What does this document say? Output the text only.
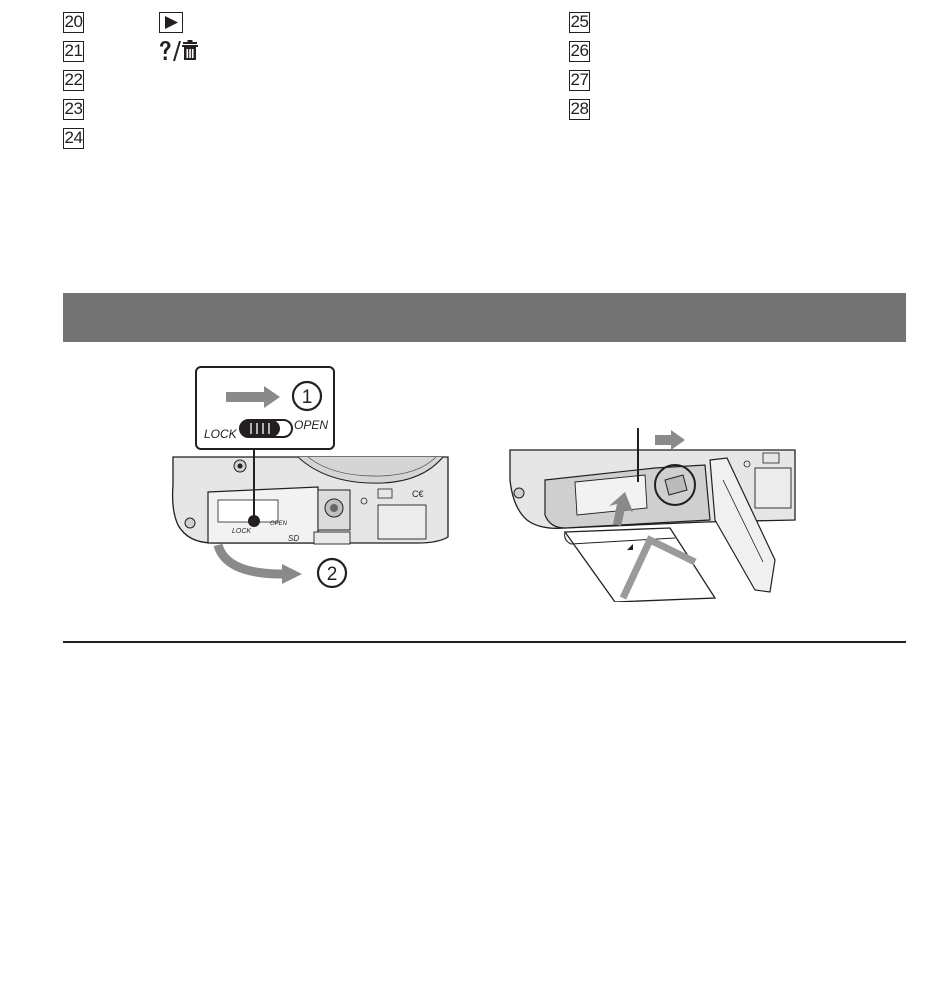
20
21
22
23
24
25
26
27
28
LOCK
OPEN
SD
C€
1
LOCK
OPEN
2
